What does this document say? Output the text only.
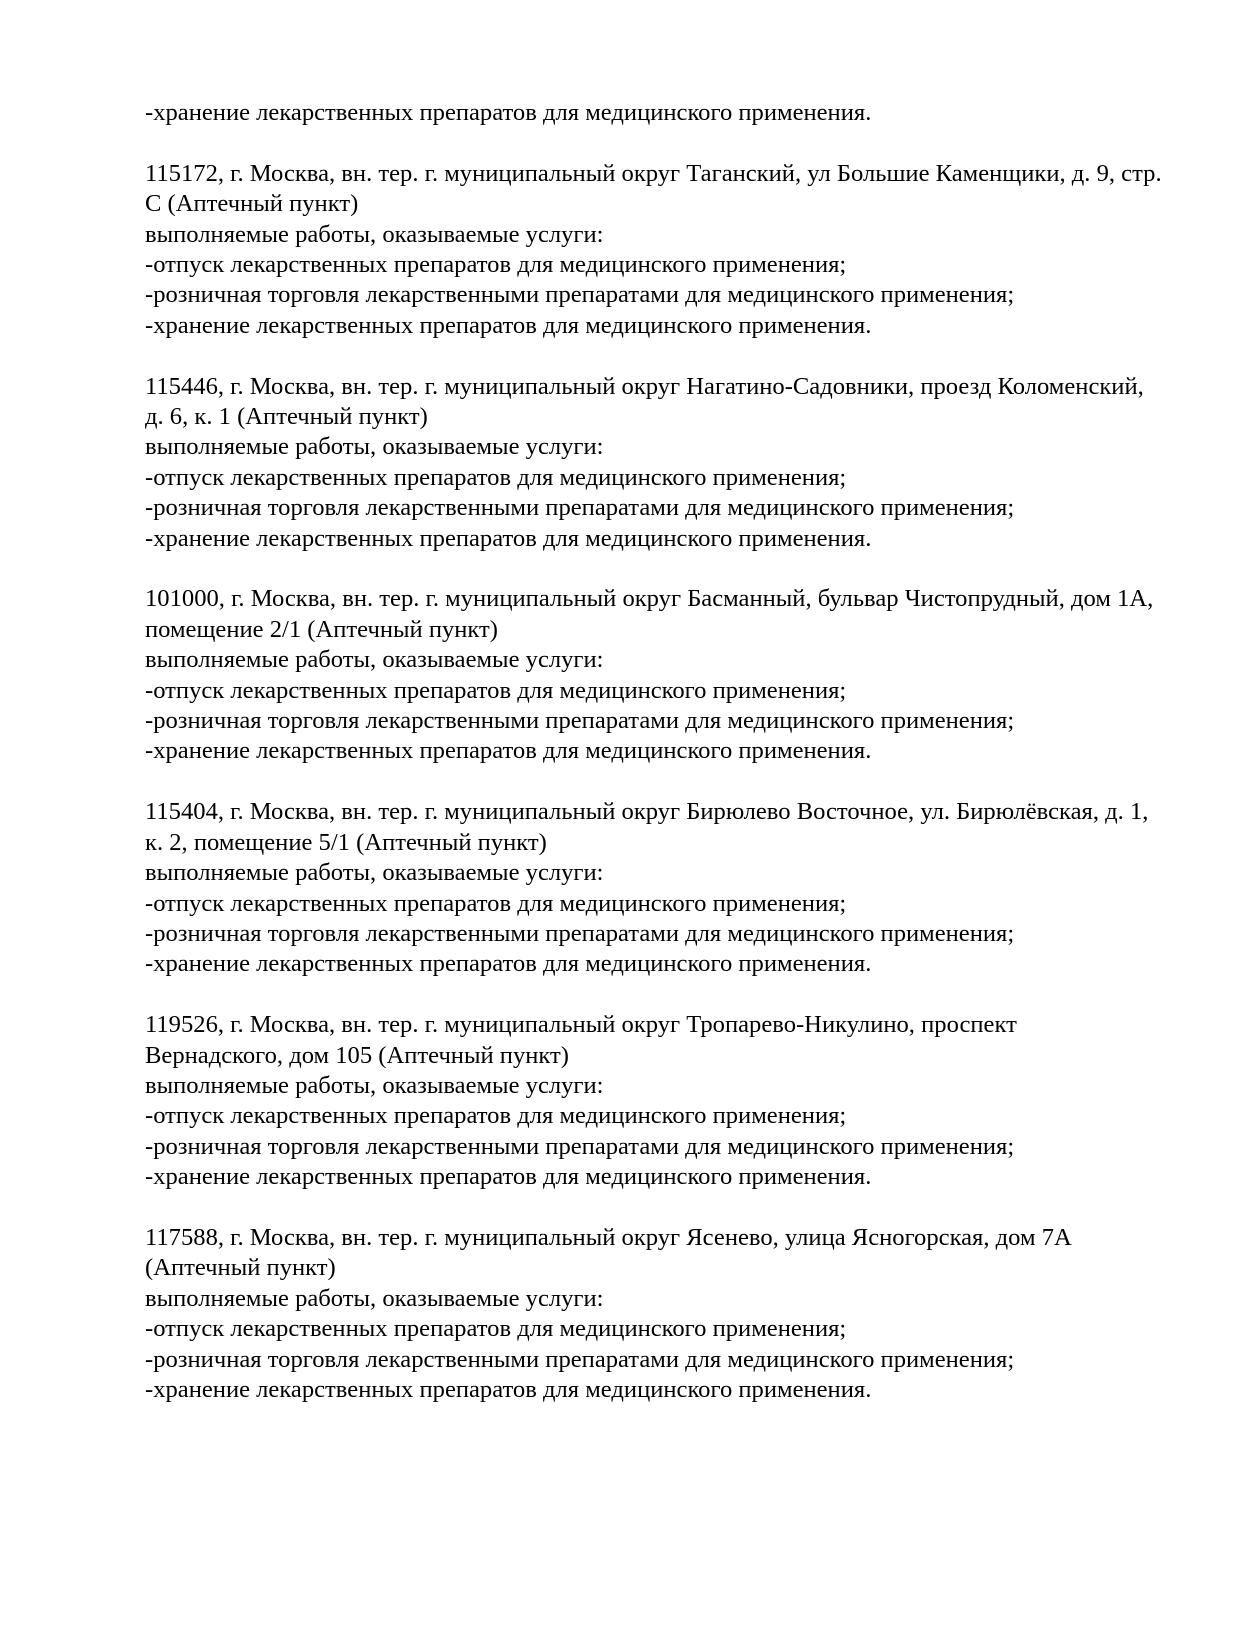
-хранение лекарственных препаратов для медицинского применения.
115172, г. Москва, вн. тер. г. муниципальный округ Таганский, ул Большие Каменщики, д. 9, стр.
С (Аптечный пункт)
выполняемые работы, оказываемые услуги:
-отпуск лекарственных препаратов для медицинского применения;
-розничная торговля лекарственными препаратами для медицинского применения;
-хранение лекарственных препаратов для медицинского применения.
115446, г. Москва, вн. тер. г. муниципальный округ Нагатино-Садовники, проезд Коломенский,
д. 6, к. 1 (Аптечный пункт)
выполняемые работы, оказываемые услуги:
-отпуск лекарственных препаратов для медицинского применения;
-розничная торговля лекарственными препаратами для медицинского применения;
-хранение лекарственных препаратов для медицинского применения.
101000, г. Москва, вн. тер. г. муниципальный округ Басманный, бульвар Чистопрудный, дом 1А,
помещение 2/1 (Аптечный пункт)
выполняемые работы, оказываемые услуги:
-отпуск лекарственных препаратов для медицинского применения;
-розничная торговля лекарственными препаратами для медицинского применения;
-хранение лекарственных препаратов для медицинского применения.
115404, г. Москва, вн. тер. г. муниципальный округ Бирюлево Восточное, ул. Бирюлёвская, д. 1,
к. 2, помещение 5/1 (Аптечный пункт)
выполняемые работы, оказываемые услуги:
-отпуск лекарственных препаратов для медицинского применения;
-розничная торговля лекарственными препаратами для медицинского применения;
-хранение лекарственных препаратов для медицинского применения.
119526, г. Москва, вн. тер. г. муниципальный округ Тропарево-Никулино, проспект
Вернадского, дом 105 (Аптечный пункт)
выполняемые работы, оказываемые услуги:
-отпуск лекарственных препаратов для медицинского применения;
-розничная торговля лекарственными препаратами для медицинского применения;
-хранение лекарственных препаратов для медицинского применения.
117588, г. Москва, вн. тер. г. муниципальный округ Ясенево, улица Ясногорская, дом 7А
(Аптечный пункт)
выполняемые работы, оказываемые услуги:
-отпуск лекарственных препаратов для медицинского применения;
-розничная торговля лекарственными препаратами для медицинского применения;
-хранение лекарственных препаратов для медицинского применения.
